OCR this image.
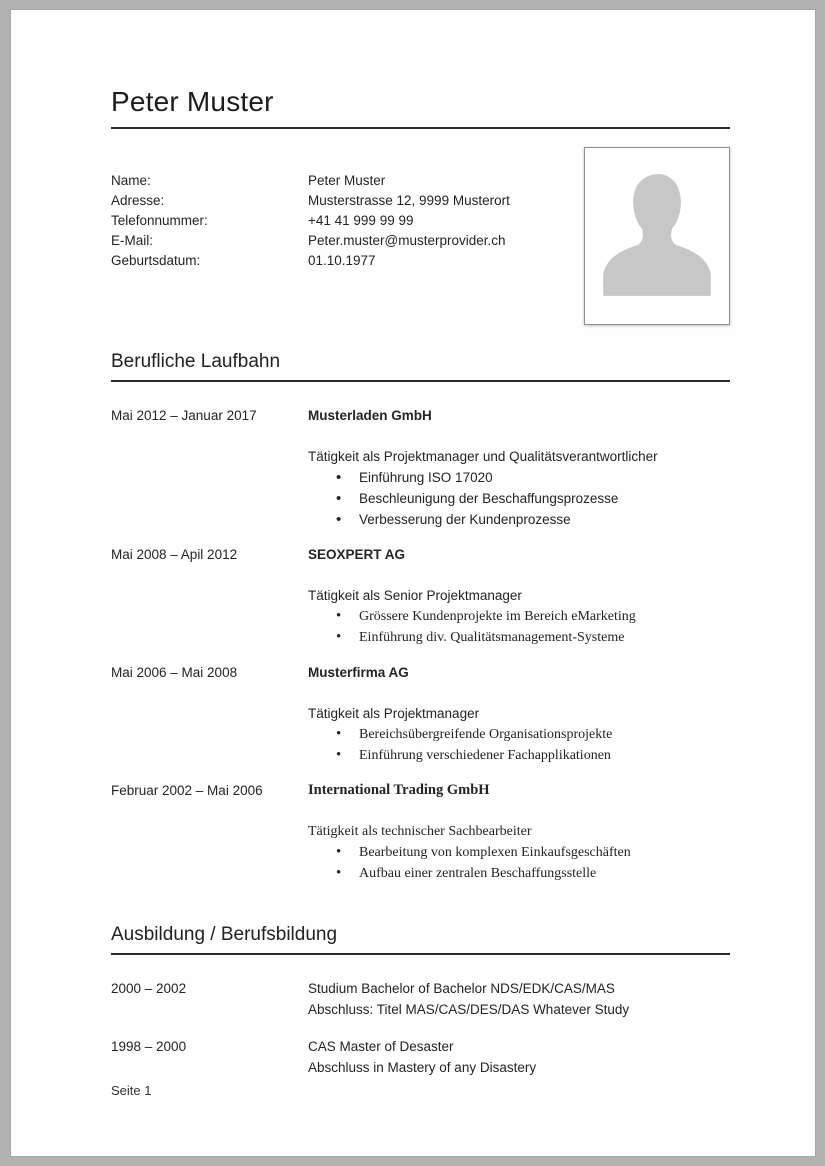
Peter Muster
Name:	Peter Muster
Adresse:	Musterstrasse 12, 9999 Musterort
Telefonnummer:	+41 41 999 99 99
E-Mail:	Peter.muster@musterprovider.ch
Geburtsdatum:	01.10.1977
Berufliche Laufbahn
Mai 2012 – Januar 2017	Musterladen GmbH
Tätigkeit als Projektmanager und Qualitätsverantwortlicher
• Einführung ISO 17020
• Beschleunigung der Beschaffungsprozesse
• Verbesserung der Kundenprozesse
Mai 2008 – Apil 2012	SEOXPERT AG
Tätigkeit als Senior Projektmanager
• Grössere Kundenprojekte im Bereich eMarketing
• Einführung div. Qualitätsmanagement-Systeme
Mai 2006 – Mai 2008	Musterfirma AG
Tätigkeit als Projektmanager
• Bereichsübergreifende Organisationsprojekte
• Einführung verschiedener Fachapplikationen
Februar 2002 – Mai 2006	International Trading GmbH
Tätigkeit als technischer Sachbearbeiter
• Bearbeitung von komplexen Einkaufsgeschäften
• Aufbau einer zentralen Beschaffungsstelle
Ausbildung / Berufsbildung
2000 – 2002	Studium Bachelor of Bachelor NDS/EDK/CAS/MAS
Abschluss: Titel MAS/CAS/DES/DAS Whatever Study
1998 – 2000	CAS Master of Desaster
Abschluss in Mastery of any Disastery
Seite 1
